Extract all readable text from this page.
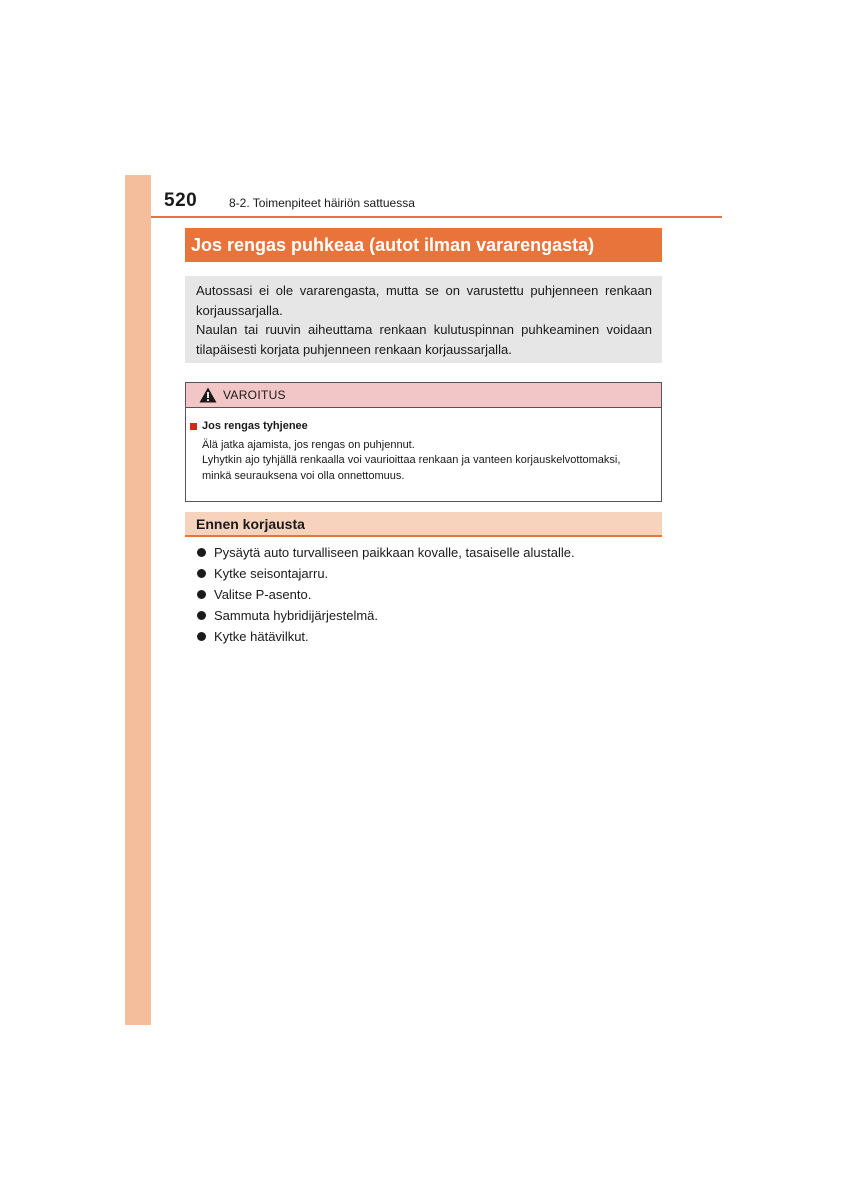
520	8-2. Toimenpiteet häiriön sattuessa
Jos rengas puhkeaa (autot ilman vararengasta)

Autossasi ei ole vararengasta, mutta se on varustettu puhjenneen renkaan korjaussarjalla.

Naulan tai ruuvin aiheuttama renkaan kulutuspinnan puhkeaminen voidaan tilapäisesti korjata puhjenneen renkaan korjaussarjalla.

VAROITUS
Jos rengas tyhjenee

Älä jatka ajamista, jos rengas on puhjennut.

Lyhytkin ajo tyhjällä renkaalla voi vaurioittaa renkaan ja vanteen korjauskelvottomaksi, minkä seurauksena voi olla onnettomuus.

Ennen korjausta
Pysäytä auto turvalliseen paikkaan kovalle, tasaiselle alustalle.
Kytke seisontajarru.
Valitse P-asento.
Sammuta hybridijärjestelmä.
Kytke hätävilkut.
